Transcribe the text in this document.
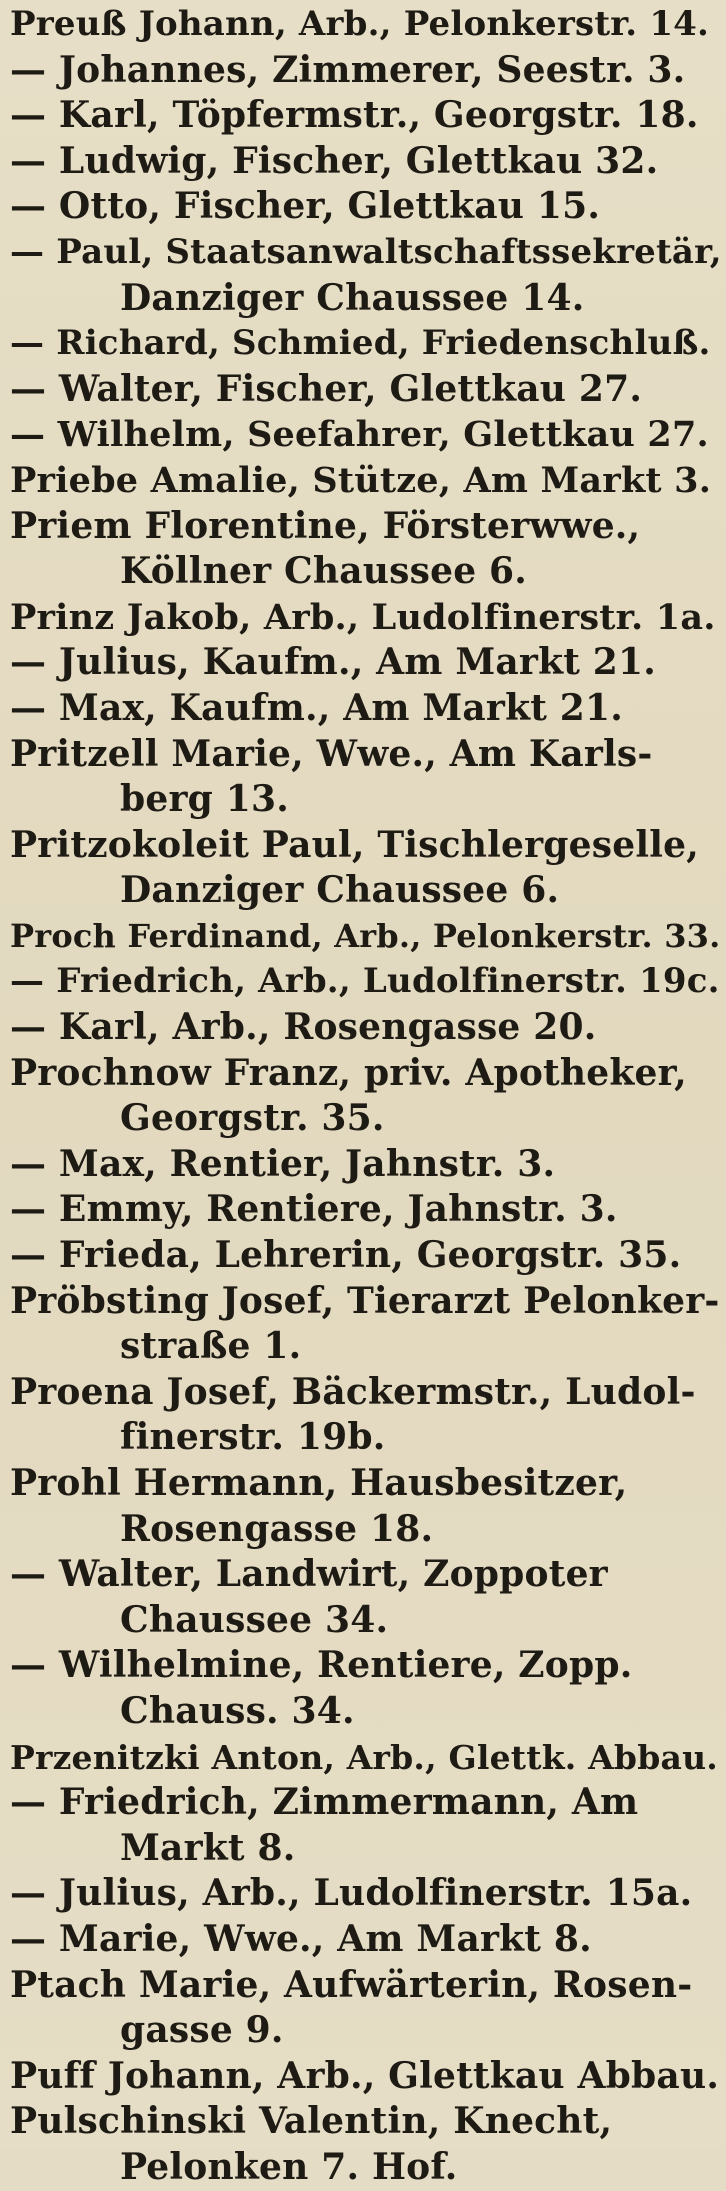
Preuß Johann, Arb., Pelonkerstr. 14.
— Johannes, Zimmerer, Seestr. 3.
— Karl, Töpfermstr., Georgstr. 18.
— Ludwig, Fischer, Glettkau 32.
— Otto, Fischer, Glettkau 15.
— Paul, Staatsanwaltschaftssekretär,
Danziger Chaussee 14.
— Richard, Schmied, Friedenschluß.
— Walter, Fischer, Glettkau 27.
— Wilhelm, Seefahrer, Glettkau 27.
Priebe Amalie, Stütze, Am Markt 3.
Priem Florentine, Försterwwe.,
Köllner Chaussee 6.
Prinz Jakob, Arb., Ludolfinerstr. 1a.
— Julius, Kaufm., Am Markt 21.
— Max, Kaufm., Am Markt 21.
Pritzell Marie, Wwe., Am Karls-
berg 13.
Pritzokoleit Paul, Tischlergeselle,
Danziger Chaussee 6.
Proch Ferdinand, Arb., Pelonkerstr. 33.
— Friedrich, Arb., Ludolfinerstr. 19c.
— Karl, Arb., Rosengasse 20.
Prochnow Franz, priv. Apotheker,
Georgstr. 35.
— Max, Rentier, Jahnstr. 3.
— Emmy, Rentiere, Jahnstr. 3.
— Frieda, Lehrerin, Georgstr. 35.
Pröbsting Josef, Tierarzt Pelonker-
straße 1.
Proena Josef, Bäckermstr., Ludol-
finerstr. 19b.
Prohl Hermann, Hausbesitzer,
Rosengasse 18.
— Walter, Landwirt, Zoppoter
Chaussee 34.
— Wilhelmine, Rentiere, Zopp.
Chauss. 34.
Przenitzki Anton, Arb., Glettk. Abbau.
— Friedrich, Zimmermann, Am
Markt 8.
— Julius, Arb., Ludolfinerstr. 15a.
— Marie, Wwe., Am Markt 8.
Ptach Marie, Aufwärterin, Rosen-
gasse 9.
Puff Johann, Arb., Glettkau Abbau.
Pulschinski Valentin, Knecht,
Pelonken 7. Hof.
